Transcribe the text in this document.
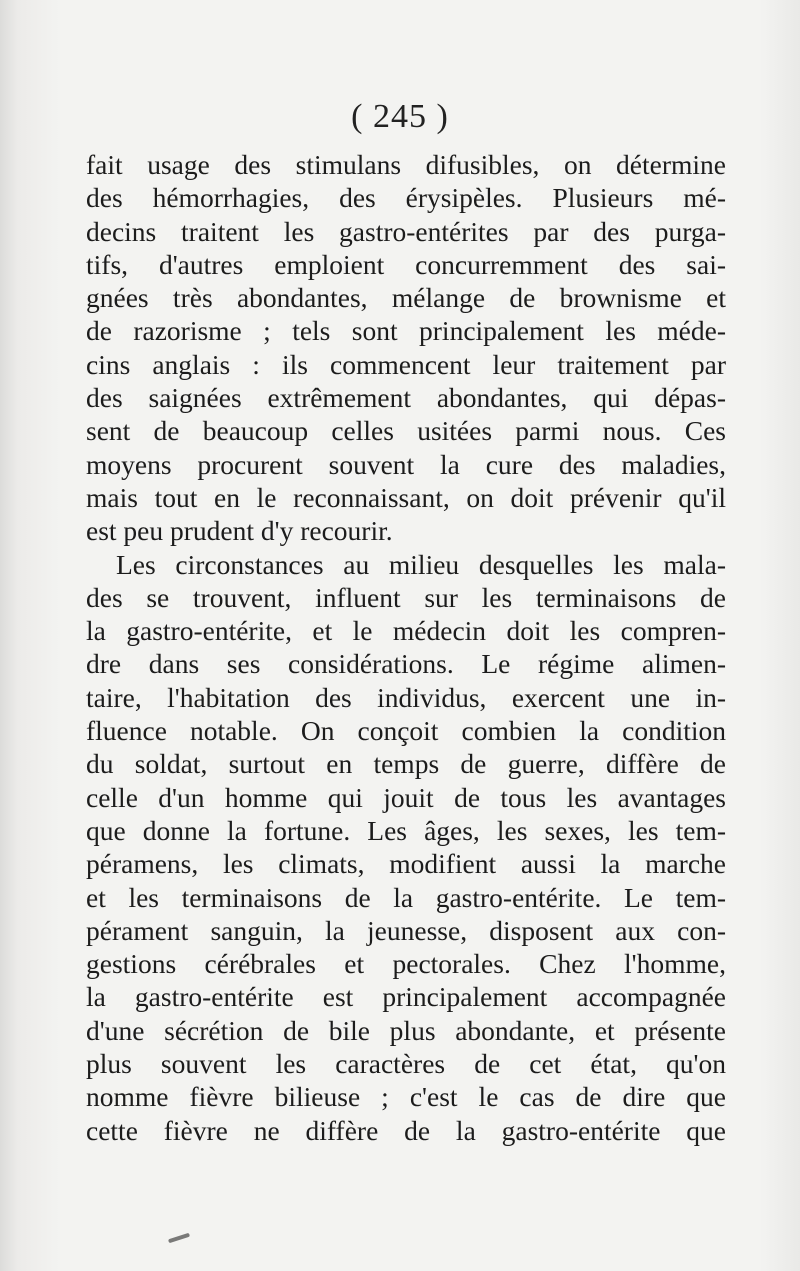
( 245 )
fait usage des stimulans difusibles, on détermine
des hémorrhagies, des érysipèles. Plusieurs mé-
decins traitent les gastro-entérites par des purga-
tifs, d'autres emploient concurremment des sai-
gnées très abondantes, mélange de brownisme et
de razorisme ; tels sont principalement les méde-
cins anglais : ils commencent leur traitement par
des saignées extrêmement abondantes, qui dépas-
sent de beaucoup celles usitées parmi nous. Ces
moyens procurent souvent la cure des maladies,
mais tout en le reconnaissant, on doit prévenir qu'il
est peu prudent d'y recourir.
Les circonstances au milieu desquelles les mala-
des se trouvent, influent sur les terminaisons de
la gastro-entérite, et le médecin doit les compren-
dre dans ses considérations. Le régime alimen-
taire, l'habitation des individus, exercent une in-
fluence notable. On conçoit combien la condition
du soldat, surtout en temps de guerre, diffère de
celle d'un homme qui jouit de tous les avantages
que donne la fortune. Les âges, les sexes, les tem-
péramens, les climats, modifient aussi la marche
et les terminaisons de la gastro-entérite. Le tem-
pérament sanguin, la jeunesse, disposent aux con-
gestions cérébrales et pectorales. Chez l'homme,
la gastro-entérite est principalement accompagnée
d'une sécrétion de bile plus abondante, et présente
plus souvent les caractères de cet état, qu'on
nomme fièvre bilieuse ; c'est le cas de dire que
cette fièvre ne diffère de la gastro-entérite que
